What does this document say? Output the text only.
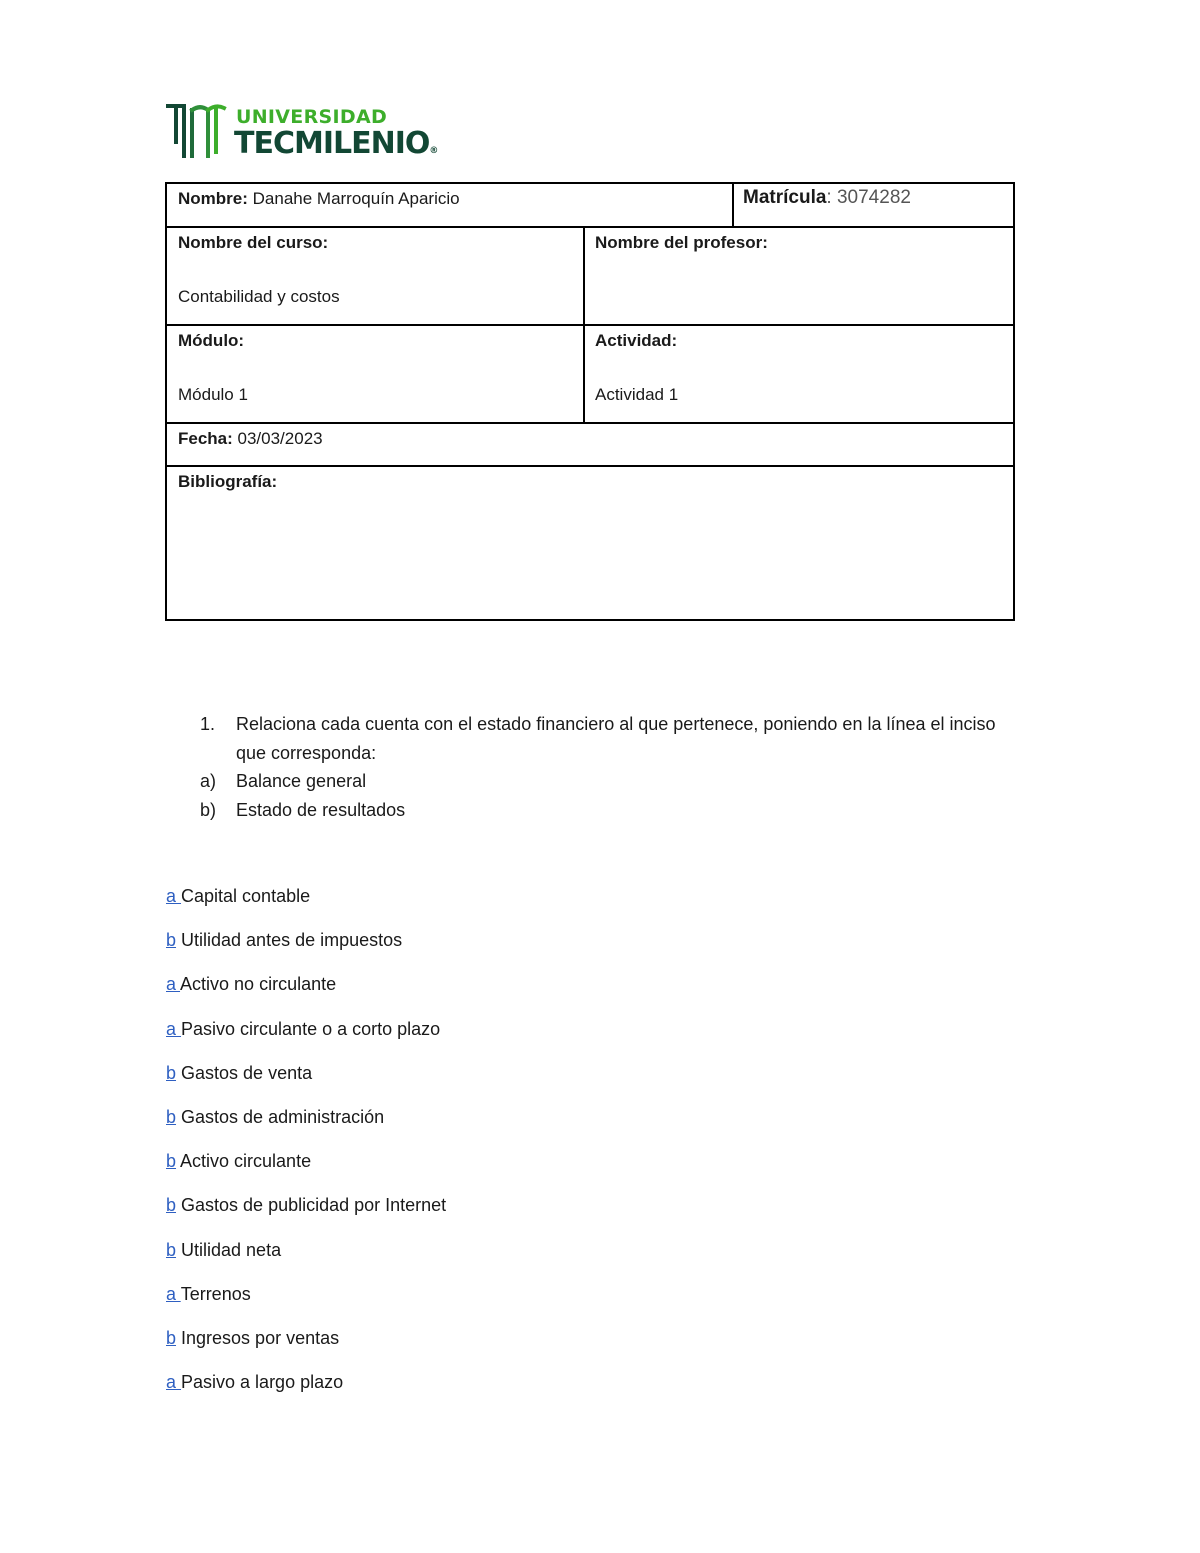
UNIVERSIDAD
TECMILENIO®
Nombre: Danahe Marroquín Aparicio	Matrícula: 3074282
Nombre del curso:
Contabilidad y costos
Nombre del profesor:
Módulo:
Módulo 1
Actividad:
Actividad 1
Fecha: 03/03/2023
Bibliografía:
1.	Relaciona cada cuenta con el estado financiero al que pertenece, poniendo en la línea el inciso que corresponda:
a)	Balance general
b)	Estado de resultados
a Capital contable
b Utilidad antes de impuestos
a Activo no circulante
a Pasivo circulante o a corto plazo
b Gastos de venta
b Gastos de administración
b Activo circulante
b Gastos de publicidad por Internet
b Utilidad neta
a Terrenos
b Ingresos por ventas
a Pasivo a largo plazo
